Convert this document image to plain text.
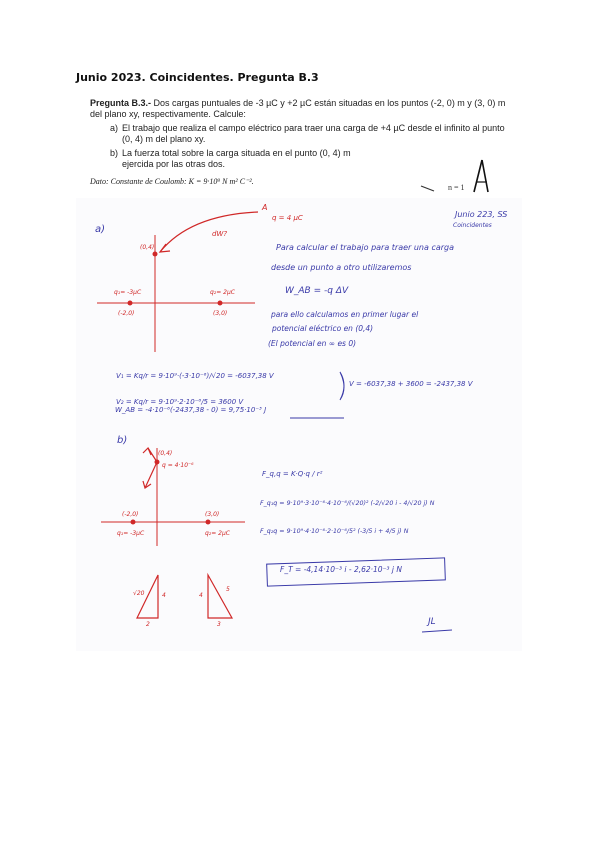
Junio 2023. Coincidentes. Pregunta B.3
Pregunta B.3.- Dos cargas puntuales de -3 µC y +2 µC están situadas en los puntos (-2, 0) m y (3, 0) m del plano xy, respectivamente. Calcule:
a) El trabajo que realiza el campo eléctrico para traer una carga de +4 µC desde el infinito al punto (0, 4) m del plano xy.
b) La fuerza total sobre la carga situada en el punto (0, 4) m ejercida por las otras dos.
Dato: Constante de Coulomb: K = 9·10⁹ N m² C⁻².
n = 1
Junio 223, SS
Coincidentes
a)
A
q = 4 µC
dW?
(0,4)
q₁= -3µC	q₂= 2µC
(-2,0)	(3,0)
Para calcular el trabajo para traer una carga
desde un punto a otro utilizaremos
W_AB = -q ΔV
para ello calculamos en primer lugar el
potencial eléctrico en (0,4)
(El potencial en ∞ es 0)
V₁ = Kq/r = 9·10⁹·(-3·10⁻⁶)/√20 = -6037,38 V
V₂ = Kq/r = 9·10⁹·2·10⁻⁶/5 = 3600 V
V = -6037,38 + 3600 = -2437,38 V
W_AB = -4·10⁻⁶(-2437,38 - 0) = 9,75·10⁻³ J
b)
(0,4)
q = 4·10⁻⁶
(-2,0)	(3,0)
q₁= -3µC	q₂= 2µC
F_q,q = K·Q·q / r²
F_q₁q = 9·10⁹·3·10⁻⁶·4·10⁻⁶/(√20)² (-2/√20 i - 4/√20 j) N
F_q₂q = 9·10⁹·4·10⁻⁶·2·10⁻⁶/5² (-3/5 i + 4/5 j) N
F_T = -4,14·10⁻³ i - 2,62·10⁻³ j N
√20	4
2
4
5
3	JL
